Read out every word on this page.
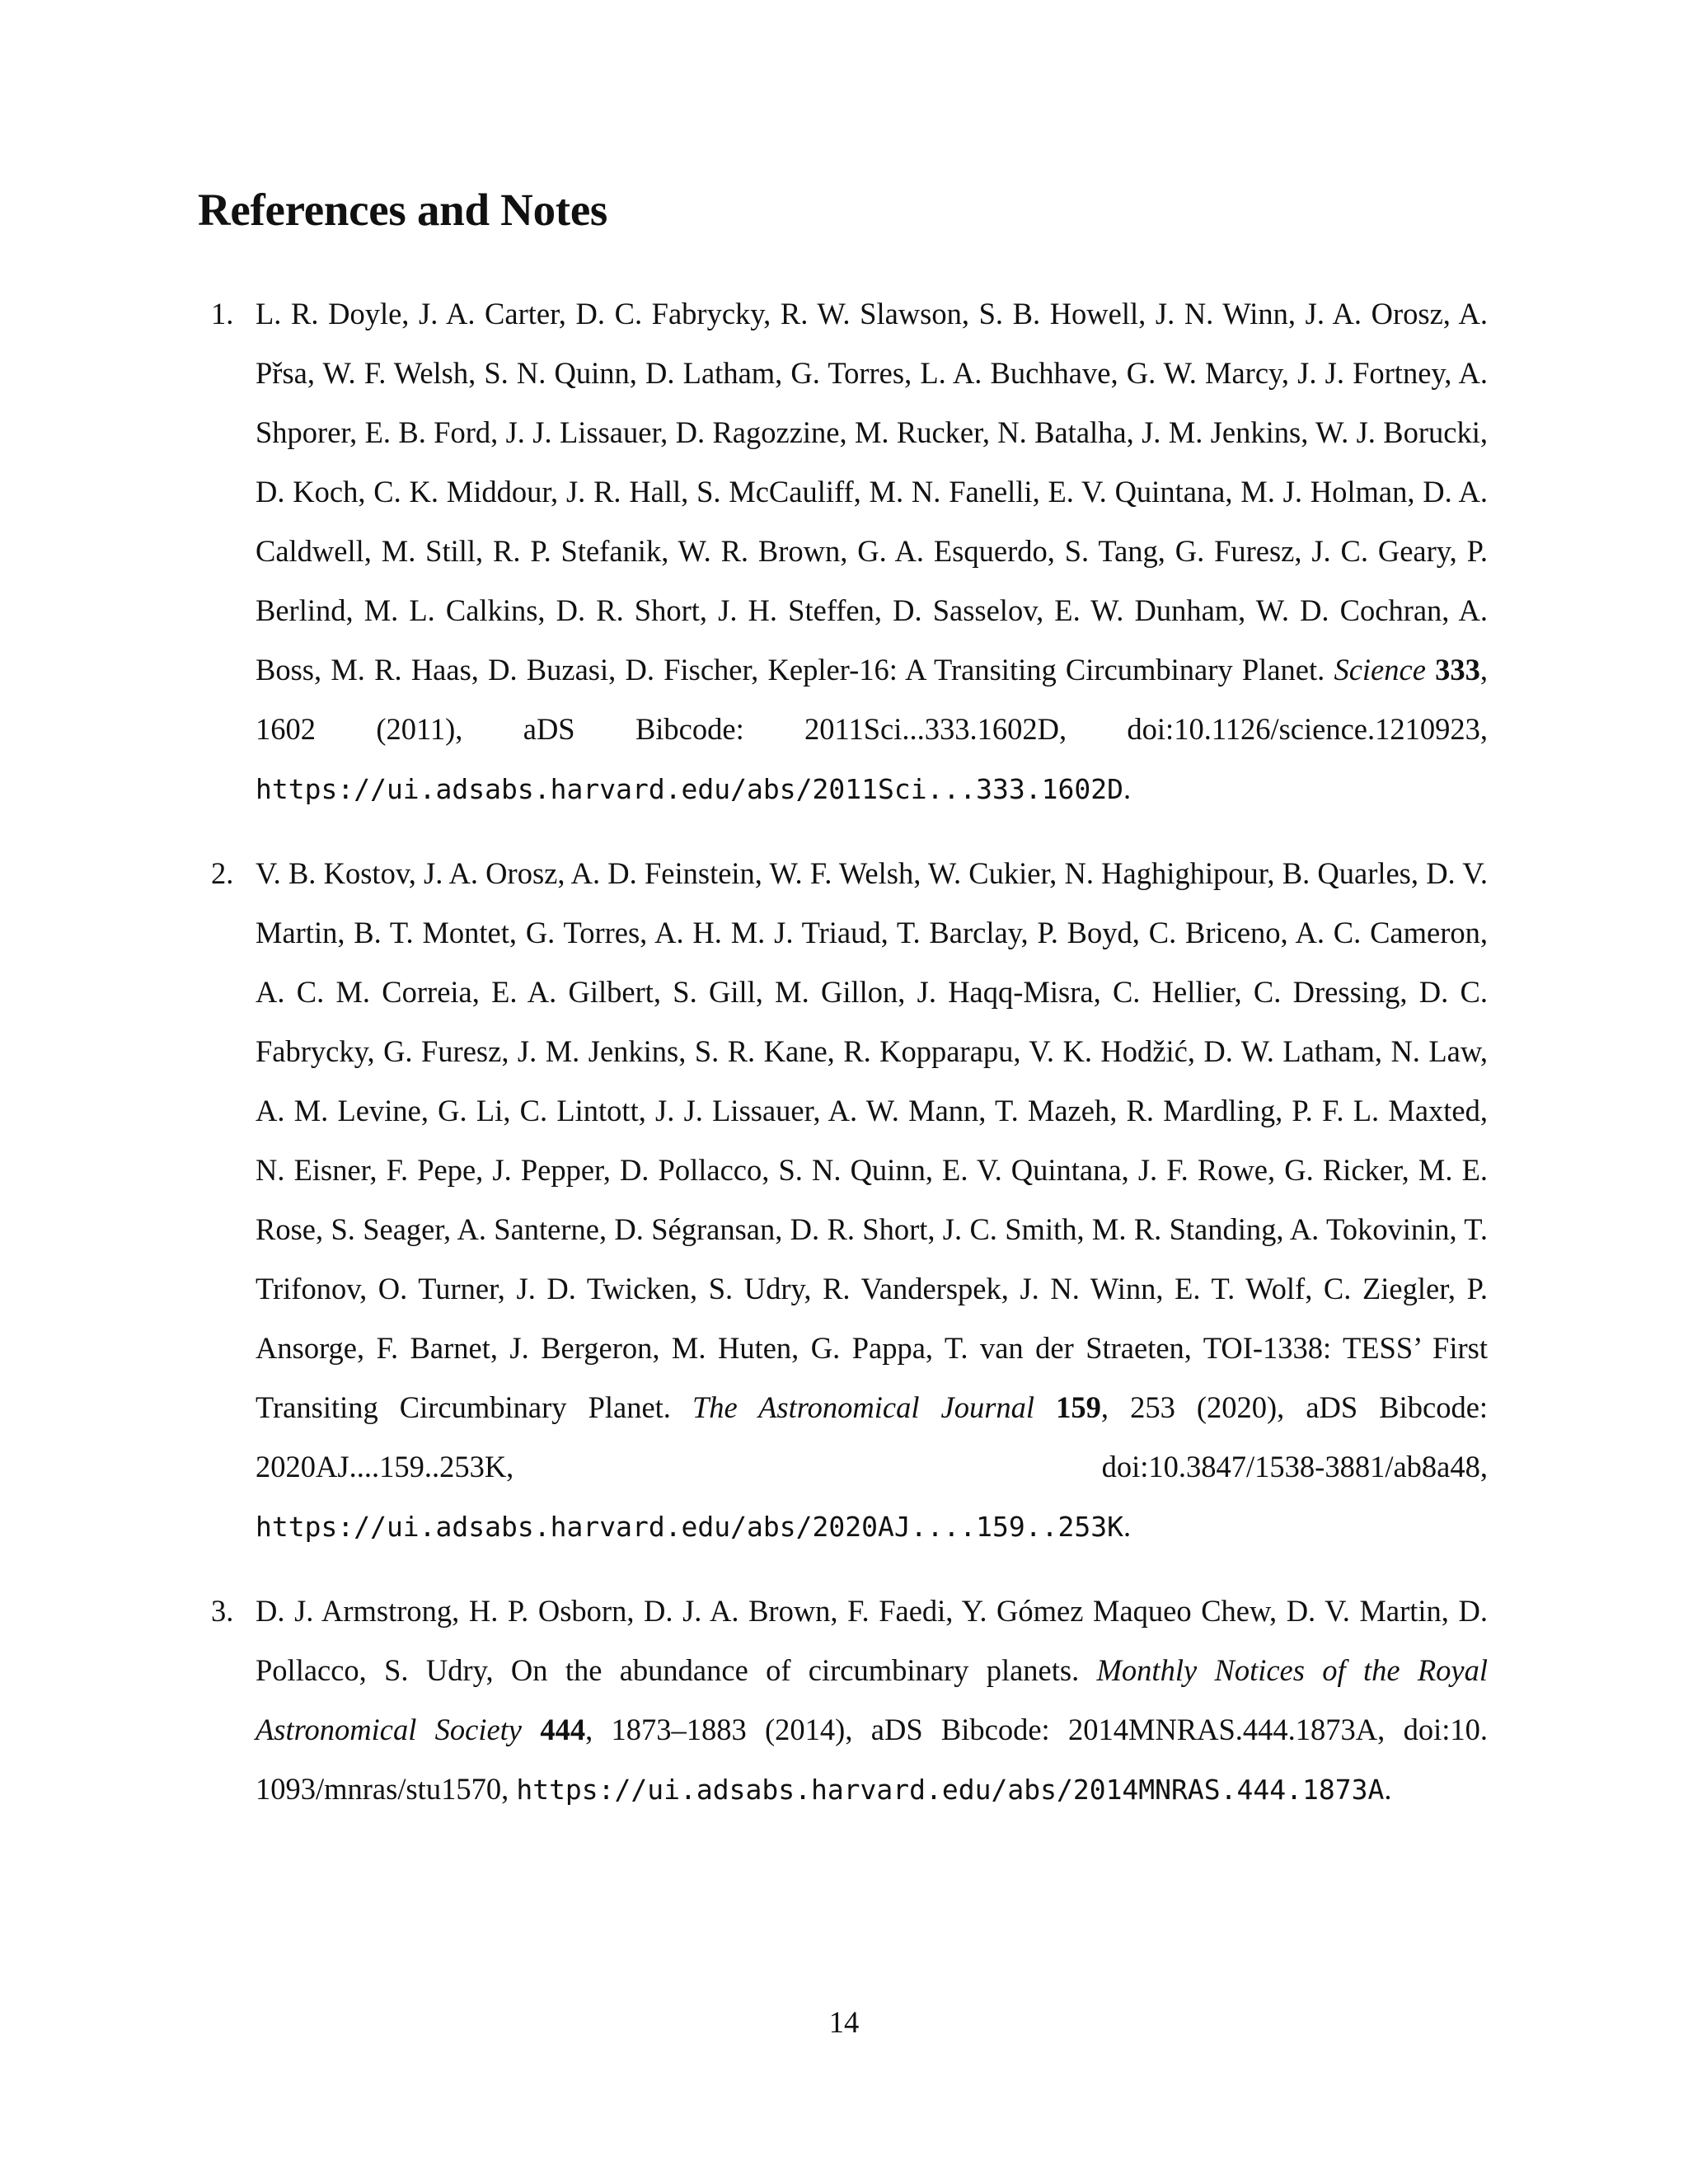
References and Notes
1. L. R. Doyle, J. A. Carter, D. C. Fabrycky, R. W. Slawson, S. B. Howell, J. N. Winn, J. A. Orosz, A. Přsa, W. F. Welsh, S. N. Quinn, D. Latham, G. Torres, L. A. Buchhave, G. W. Marcy, J. J. Fortney, A. Shporer, E. B. Ford, J. J. Lissauer, D. Ragozzine, M. Rucker, N. Batalha, J. M. Jenkins, W. J. Borucki, D. Koch, C. K. Middour, J. R. Hall, S. McCauliff, M. N. Fanelli, E. V. Quintana, M. J. Holman, D. A. Caldwell, M. Still, R. P. Stefanik, W. R. Brown, G. A. Esquerdo, S. Tang, G. Furesz, J. C. Geary, P. Berlind, M. L. Calkins, D. R. Short, J. H. Steffen, D. Sasselov, E. W. Dunham, W. D. Cochran, A. Boss, M. R. Haas, D. Buzasi, D. Fischer, Kepler-16: A Transiting Circumbinary Planet. Science 333, 1602 (2011), aDS Bibcode: 2011Sci...333.1602D, doi:10.1126/science.1210923, https://ui.adsabs.harvard.edu/abs/2011Sci...333.1602D.
2. V. B. Kostov, J. A. Orosz, A. D. Feinstein, W. F. Welsh, W. Cukier, N. Haghighipour, B. Quarles, D. V. Martin, B. T. Montet, G. Torres, A. H. M. J. Triaud, T. Barclay, P. Boyd, C. Briceno, A. C. Cameron, A. C. M. Correia, E. A. Gilbert, S. Gill, M. Gillon, J. Haqq-Misra, C. Hellier, C. Dressing, D. C. Fabrycky, G. Furesz, J. M. Jenkins, S. R. Kane, R. Kopparapu, V. K. Hodžić, D. W. Latham, N. Law, A. M. Levine, G. Li, C. Lintott, J. J. Lissauer, A. W. Mann, T. Mazeh, R. Mardling, P. F. L. Maxted, N. Eisner, F. Pepe, J. Pepper, D. Pollacco, S. N. Quinn, E. V. Quintana, J. F. Rowe, G. Ricker, M. E. Rose, S. Seager, A. Santerne, D. Ségransan, D. R. Short, J. C. Smith, M. R. Standing, A. Tokovinin, T. Trifonov, O. Turner, J. D. Twicken, S. Udry, R. Vanderspek, J. N. Winn, E. T. Wolf, C. Ziegler, P. Ansorge, F. Barnet, J. Bergeron, M. Huten, G. Pappa, T. van der Straeten, TOI-1338: TESS’ First Transiting Circumbinary Planet. The Astronomical Journal 159, 253 (2020), aDS Bibcode: 2020AJ....159..253K, doi:10.3847/1538-3881/ab8a48, https://ui.adsabs.harvard.edu/abs/2020AJ....159..253K.
3. D. J. Armstrong, H. P. Osborn, D. J. A. Brown, F. Faedi, Y. Gómez Maqueo Chew, D. V. Martin, D. Pollacco, S. Udry, On the abundance of circumbinary planets. Monthly Notices of the Royal Astronomical Society 444, 1873–1883 (2014), aDS Bibcode: 2014MNRAS.444.1873A, doi:10.​1093/mnras/stu1570, https://ui.adsabs.harvard.edu/abs/2014MNRAS.444.1873A.
14
